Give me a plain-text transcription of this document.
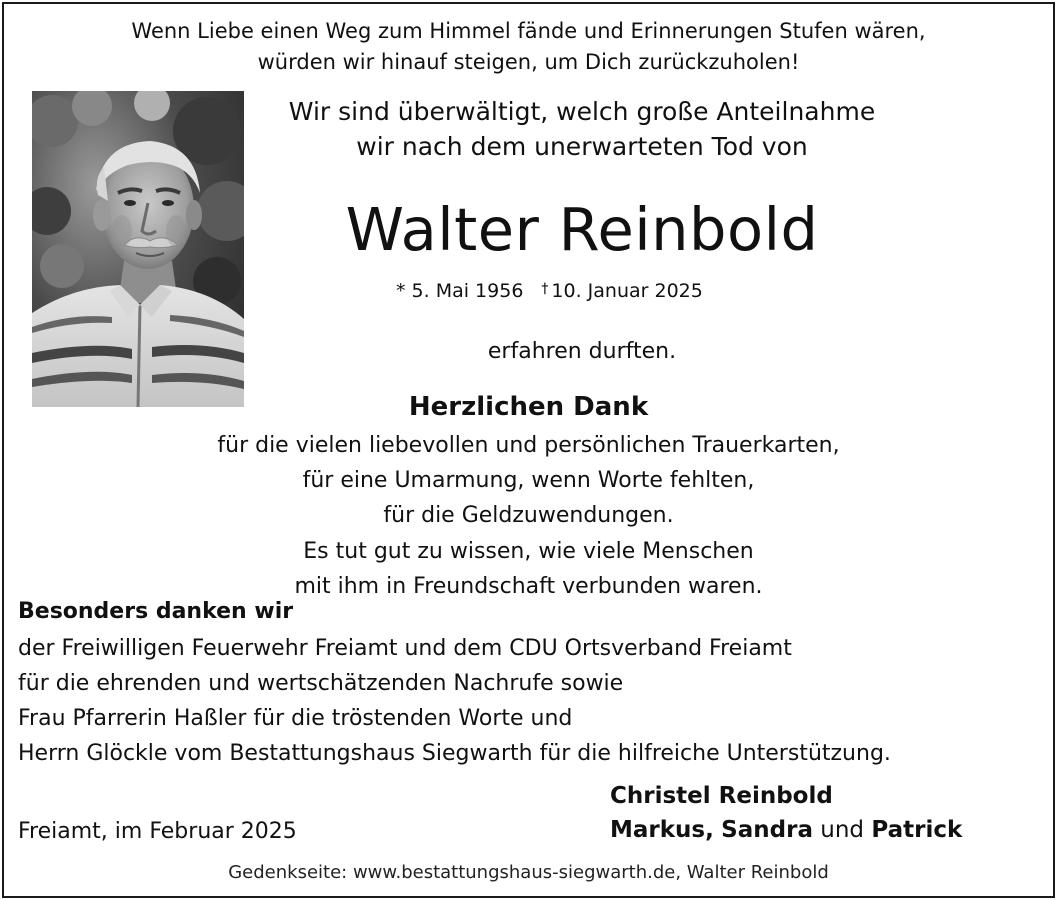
Wenn Liebe einen Weg zum Himmel fände und Erinnerungen Stufen wären,
würden wir hinauf steigen, um Dich zurückzuholen!
Wir sind überwältigt, welch große Anteilnahme
wir nach dem unerwarteten Tod von
Walter Reinbold
* 5. Mai 1956 † 10. Januar 2025
erfahren durften.
Herzlichen Dank
für die vielen liebevollen und persönlichen Trauerkarten,
für eine Umarmung, wenn Worte fehlten,
für die Geldzuwendungen.
Es tut gut zu wissen, wie viele Menschen
mit ihm in Freundschaft verbunden waren.
Besonders danken wir
der Freiwilligen Feuerwehr Freiamt und dem CDU Ortsverband Freiamt
für die ehrenden und wertschätzenden Nachrufe sowie
Frau Pfarrerin Haßler für die tröstenden Worte und
Herrn Glöckle vom Bestattungshaus Siegwarth für die hilfreiche Unterstützung.
Christel Reinbold
Markus, Sandra und Patrick
Freiamt, im Februar 2025
Gedenkseite: www.bestattungshaus-siegwarth.de, Walter Reinbold
